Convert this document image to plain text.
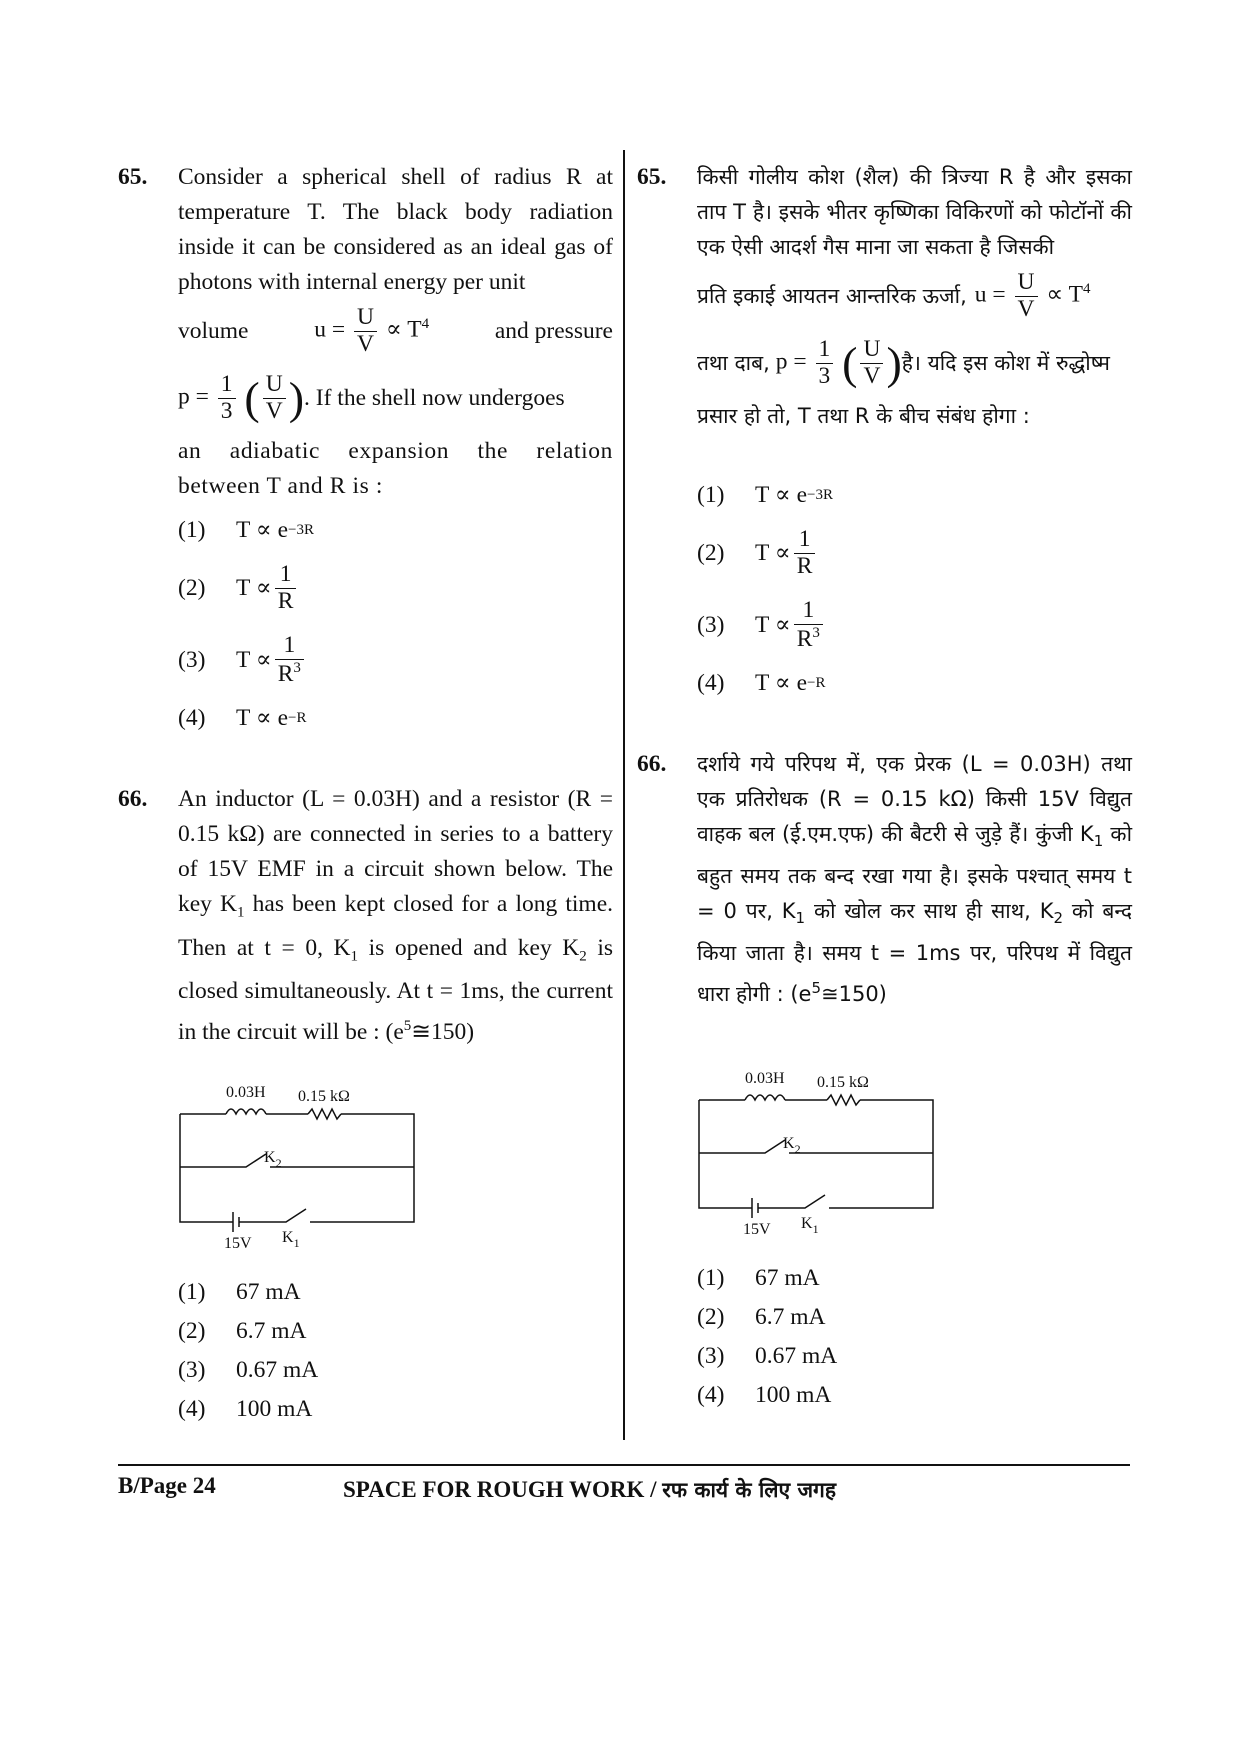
65. Consider a spherical shell of radius R at temperature T. The black body radiation inside it can be considered as an ideal gas of photons with internal energy per unit
volume	$u = \frac{U}{V} \propto T^4$	and pressure
$p = \frac{1}{3}$ ( $\frac{U}{V}$ ) . If the shell now undergoes
an adiabatic expansion the relation between T and R is :
(1)	T ∝ e −3R
(2)	$T \propto \frac{1}{R}$
(3)	$T \propto \frac{1}{R^3}$
(4)	T ∝ e −R
66. An inductor (L = 0.03H) and a resistor (R = 0.15 kΩ) are connected in series to a battery of 15V EMF in a circuit shown below. The key $K_1$ has been kept closed for a long time. Then at t = 0, $K_1$ is opened and key $K_2$ is closed simultaneously. At t = 1ms, the current in the circuit will be : $(e^5≅150)$
0.03H 0.15 kΩ
$K_2$
15V $K_1$
(1)	67 mA
(2)	6.7 mA
(3)	0.67 mA
(4)	100 mA
65. किसी गोलीय कोश (शैल) की त्रिज्या R है और इसका ताप T है। इसके भीतर कृष्णिका विकिरणों को फोटॉनों की एक ऐसी आदर्श गैस माना जा सकता है जिसकी
प्रति इकाई आयतन आन्तरिक ऊर्जा, $u = \frac{U}{V} \propto T^4$
तथा दाब, $p = \frac{1}{3}$ ( $\frac{U}{V}$ ) है। यदि इस कोश में रुद्धोष्म
प्रसार हो तो, T तथा R के बीच संबंध होगा :
(1)	T ∝ e −3R
(2)	$T \propto \frac{1}{R}$
(3)	$T \propto \frac{1}{R^3}$
(4)	T ∝ e −R
66. दर्शाये गये परिपथ में, एक प्रेरक (L = 0.03H) तथा एक प्रतिरोधक (R = 0.15 kΩ) किसी 15V विद्युत वाहक बल (ई.एम.एफ) की बैटरी से जुड़े हैं। कुंजी $K_1$ को बहुत समय तक बन्द रखा गया है। इसके पश्चात् समय t = 0 पर, $K_1$ को खोल कर साथ ही साथ, $K_2$ को बन्द किया जाता है। समय t = 1ms पर, परिपथ में विद्युत धारा होगी : $(e^5≅150)$
0.03H 0.15 kΩ
$K_2$
15V $K_1$
(1)	67 mA
(2)	6.7 mA
(3)	0.67 mA
(4)	100 mA
B/Page 24	SPACE FOR ROUGH WORK / रफ कार्य के लिए जगह
